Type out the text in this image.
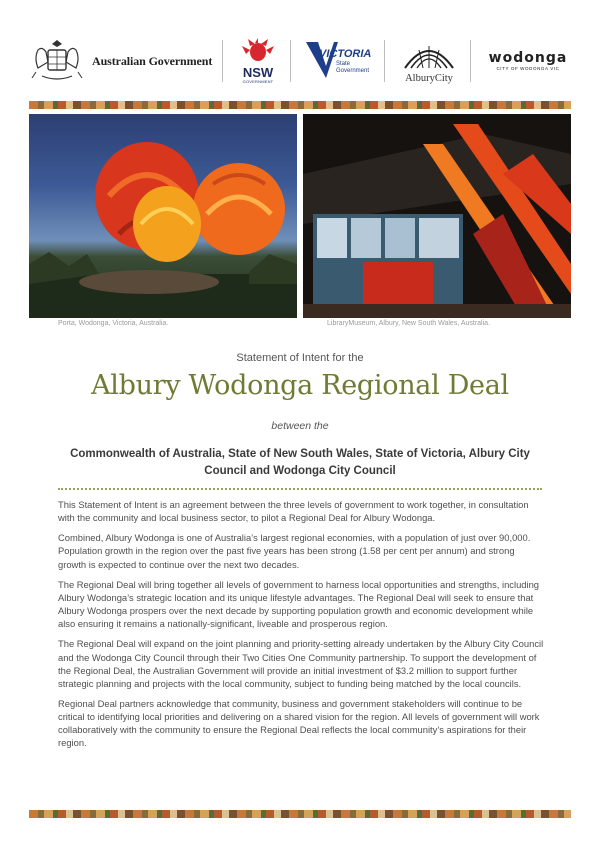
Australian Government
NSW
GOVERNMENT
VICTORIA
State
Government
AlburyCity
wodonga
CITY OF WODONGA VIC
Porta, Wodonga, Victoria, Australia.	LibraryMuseum, Albury, New South Wales, Australia.
Statement of Intent for the
Albury Wodonga Regional Deal
between the
Commonwealth of Australia, State of New South Wales, State of Victoria, Albury City Council and Wodonga City Council

This Statement of Intent is an agreement between the three levels of government to work together, in consultation with the community and local business sector, to pilot a Regional Deal for Albury Wodonga.

Combined, Albury Wodonga is one of Australia’s largest regional economies, with a population of just over 90,000. Population growth in the region over the past five years has been strong (1.58 per cent per annum) and strong growth is expected to continue over the next two decades.

The Regional Deal will bring together all levels of government to harness local opportunities and strengths, including Albury Wodonga’s strategic location and its unique lifestyle advantages. The Regional Deal will seek to ensure that Albury Wodonga prospers over the next decade by supporting population growth and economic development while also ensuring it remains a nationally-significant, liveable and prosperous region.

The Regional Deal will expand on the joint planning and priority-setting already undertaken by the Albury City Council and the Wodonga City Council through their Two Cities One Community partnership. To support the development of the Regional Deal, the Australian Government will provide an initial investment of $3.2 million to support further strategic planning and projects with the local community, subject to funding being matched by the local councils.

Regional Deal partners acknowledge that community, business and government stakeholders will continue to be critical to identifying local priorities and delivering on a shared vision for the region. All levels of government will work collaboratively with the community to ensure the Regional Deal reflects the local community’s aspirations for their region.
